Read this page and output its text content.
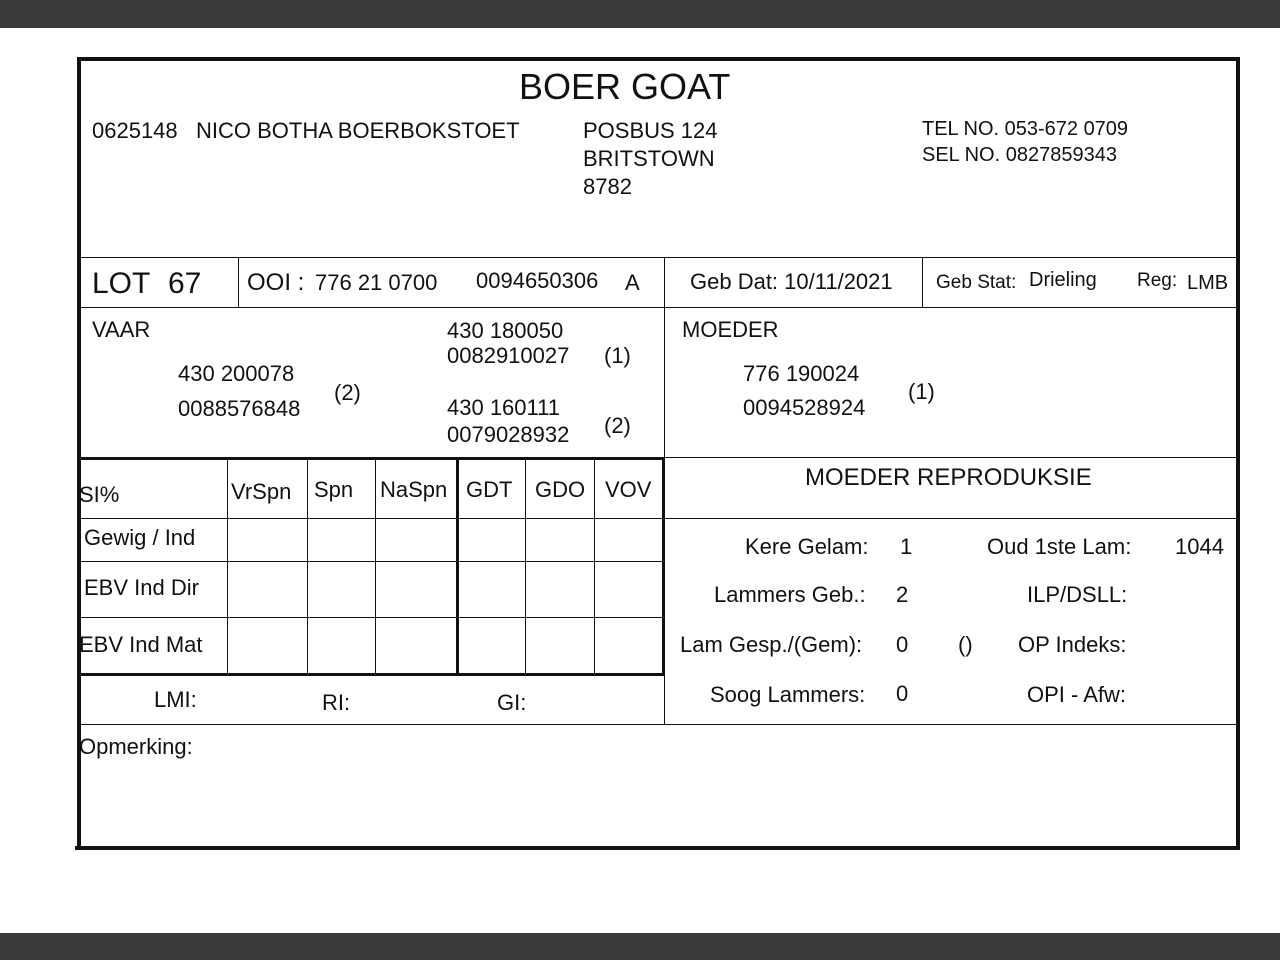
BOER GOAT
0625148 NICO BOTHA BOERBOKSTOET	POSBUS 124
BRITSTOWN
8782
TEL NO. 053-672 0709
SEL NO. 0827859343
LOT 67 OOI : 776 21 0700 0094650306 A Geb Dat: 10/11/2021 Geb Stat: Drieling Reg: LMB
VAAR
430 200078
0088576848
(2)
430 180050
0082910027 (1)
430 160111
0079028932 (2)
MOEDER
776 190024
0094528924
(1)
SI%	VrSpn Spn NaSpn GDT GDO VOV
Gewig / Ind
EBV Ind Dir
EBV Ind Mat
LMI:	RI:	GI:
MOEDER REPRODUKSIE
Kere Gelam: 1	Oud 1ste Lam: 1044
Lammers Geb.: 2	ILP/DSLL:
Lam Gesp./(Gem): 0 () OP Indeks:
Soog Lammers: 0	OPI - Afw:
Opmerking:
